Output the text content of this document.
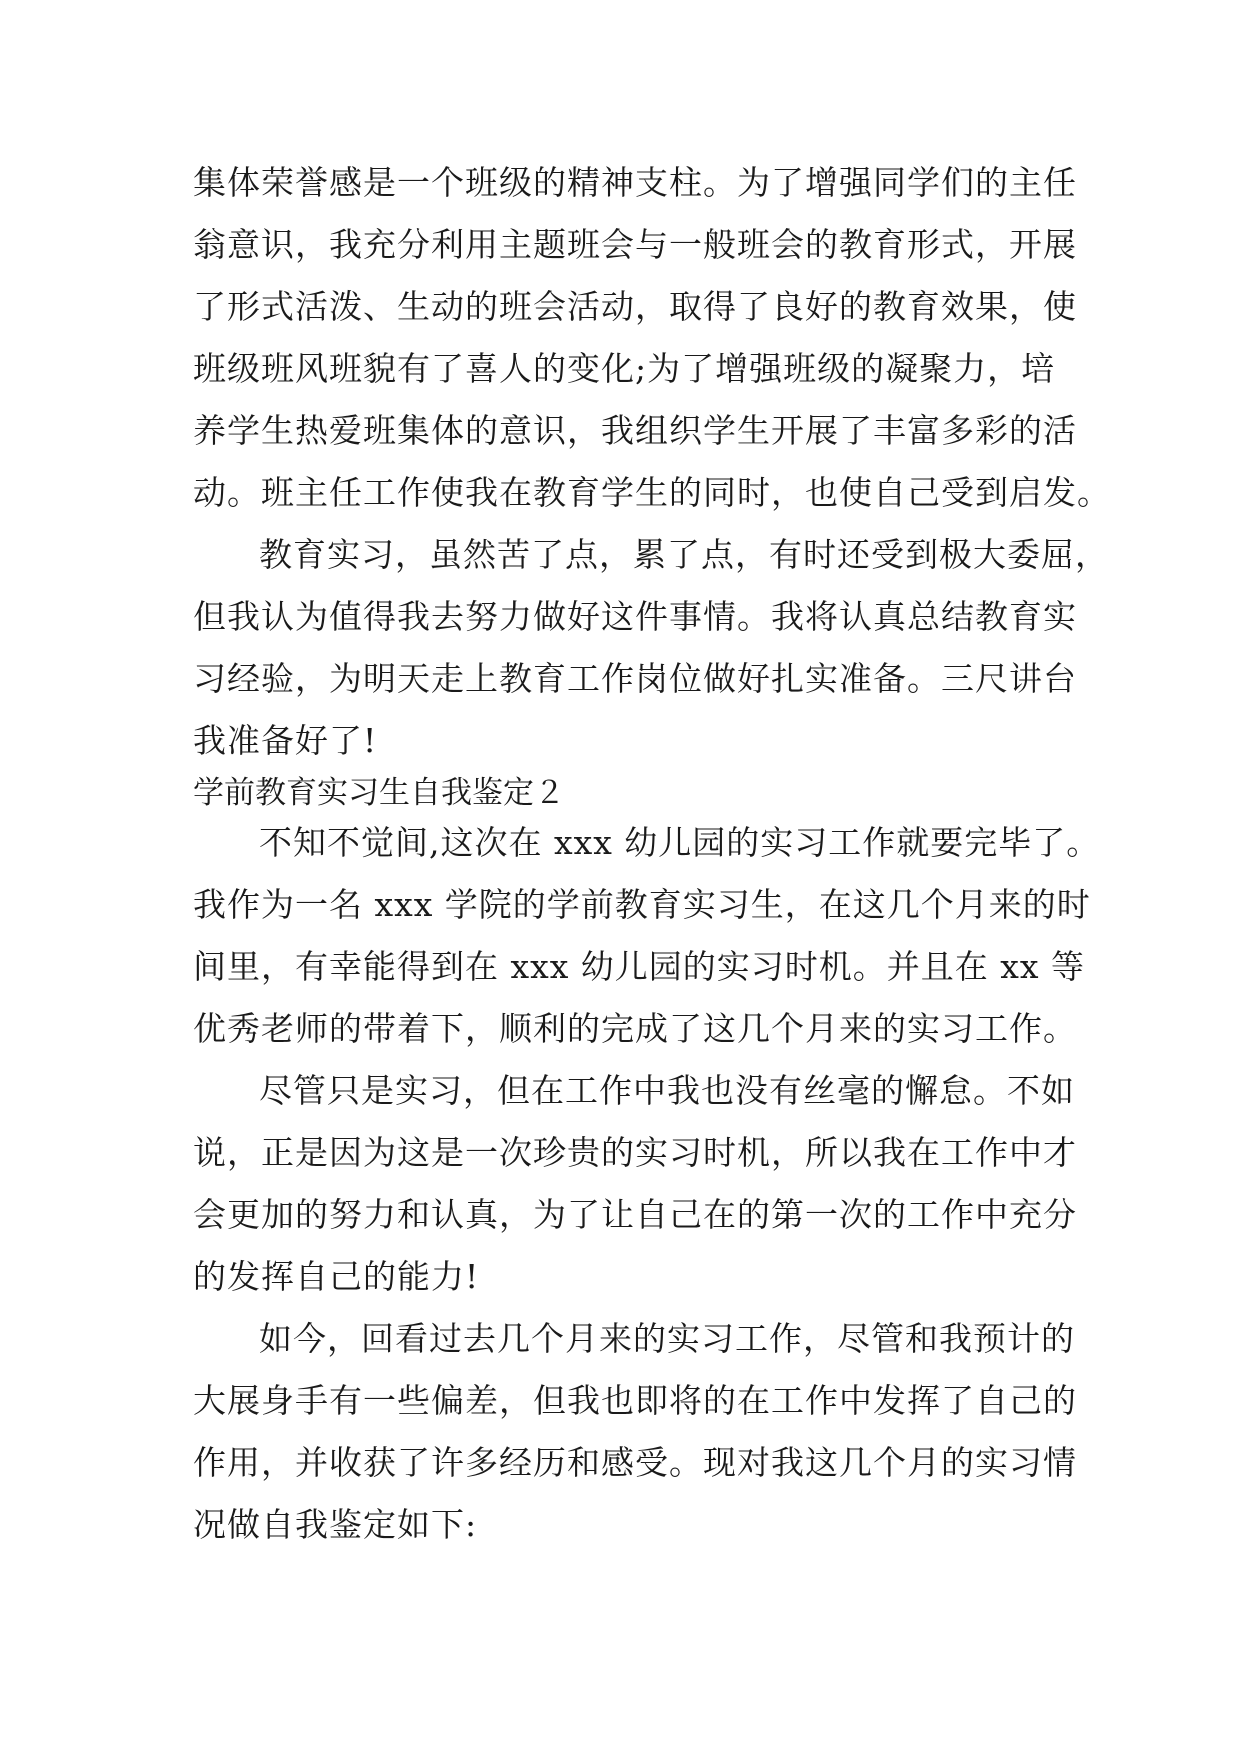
集体荣誉感是一个班级的精神支柱。为了增强同学们的主任
翁意识，我充分利用主题班会与一般班会的教育形式，开展
了形式活泼、生动的班会活动，取得了良好的教育效果，使
班级班风班貌有了喜人的变化;为了增强班级的凝聚力，培
养学生热爱班集体的意识，我组织学生开展了丰富多彩的活
动。班主任工作使我在教育学生的同时，也使自己受到启发。
教育实习，虽然苦了点，累了点，有时还受到极大委屈，
但我认为值得我去努力做好这件事情。我将认真总结教育实
习经验，为明天走上教育工作岗位做好扎实准备。三尺讲台
我准备好了!
学前教育实习生自我鉴定２
不知不觉间,这次在 xxx 幼儿园的实习工作就要完毕了。
我作为一名 xxx 学院的学前教育实习生，在这几个月来的时
间里，有幸能得到在 xxx 幼儿园的实习时机。并且在 xx 等
优秀老师的带着下，顺利的完成了这几个月来的实习工作。
尽管只是实习，但在工作中我也没有丝毫的懈怠。不如
说，正是因为这是一次珍贵的实习时机，所以我在工作中才
会更加的努力和认真，为了让自己在的第一次的工作中充分
的发挥自己的能力!
如今，回看过去几个月来的实习工作，尽管和我预计的
大展身手有一些偏差，但我也即将的在工作中发挥了自己的
作用，并收获了许多经历和感受。现对我这几个月的实习情
况做自我鉴定如下:
